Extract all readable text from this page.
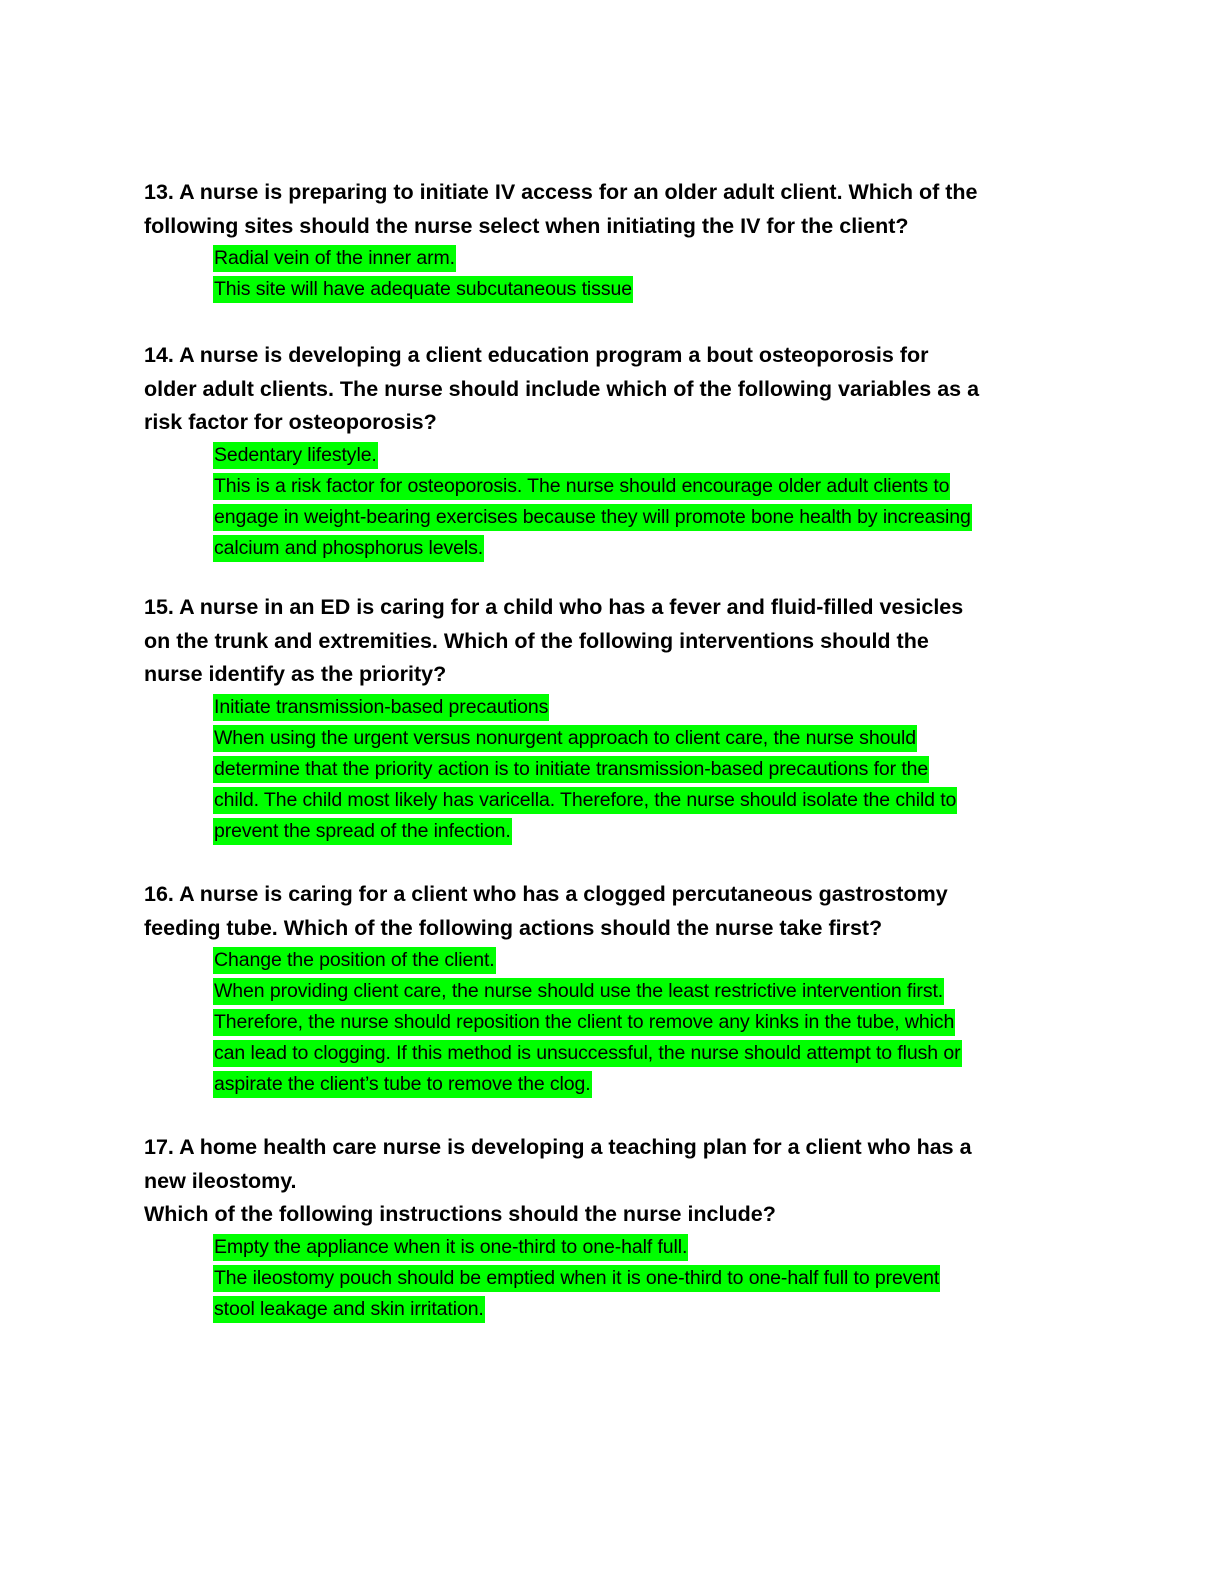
13. A nurse is preparing to initiate IV access for an older adult client. Which of the
following sites should the nurse select when initiating the IV for the client?
Radial vein of the inner arm.
This site will have adequate subcutaneous tissue
14. A nurse is developing a client education program a bout osteoporosis for
older adult clients. The nurse should include which of the following variables as a
risk factor for osteoporosis?
Sedentary lifestyle.
This is a risk factor for osteoporosis. The nurse should encourage older adult clients to
engage in weight-bearing exercises because they will promote bone health by increasing
calcium and phosphorus levels.
15. A nurse in an ED is caring for a child who has a fever and fluid-filled vesicles
on the trunk and extremities. Which of the following interventions should the
nurse identify as the priority?
Initiate transmission-based precautions
When using the urgent versus nonurgent approach to client care, the nurse should
determine that the priority action is to initiate transmission-based precautions for the
child. The child most likely has varicella. Therefore, the nurse should isolate the child to
prevent the spread of the infection.
16. A nurse is caring for a client who has a clogged percutaneous gastrostomy
feeding tube. Which of the following actions should the nurse take first?
Change the position of the client.
When providing client care, the nurse should use the least restrictive intervention first.
Therefore, the nurse should reposition the client to remove any kinks in the tube, which
can lead to clogging. If this method is unsuccessful, the nurse should attempt to flush or
aspirate the client’s tube to remove the clog.
17. A home health care nurse is developing a teaching plan for a client who has a
new ileostomy.
Which of the following instructions should the nurse include?
Empty the appliance when it is one-third to one-half full.
The ileostomy pouch should be emptied when it is one-third to one-half full to prevent
stool leakage and skin irritation.
